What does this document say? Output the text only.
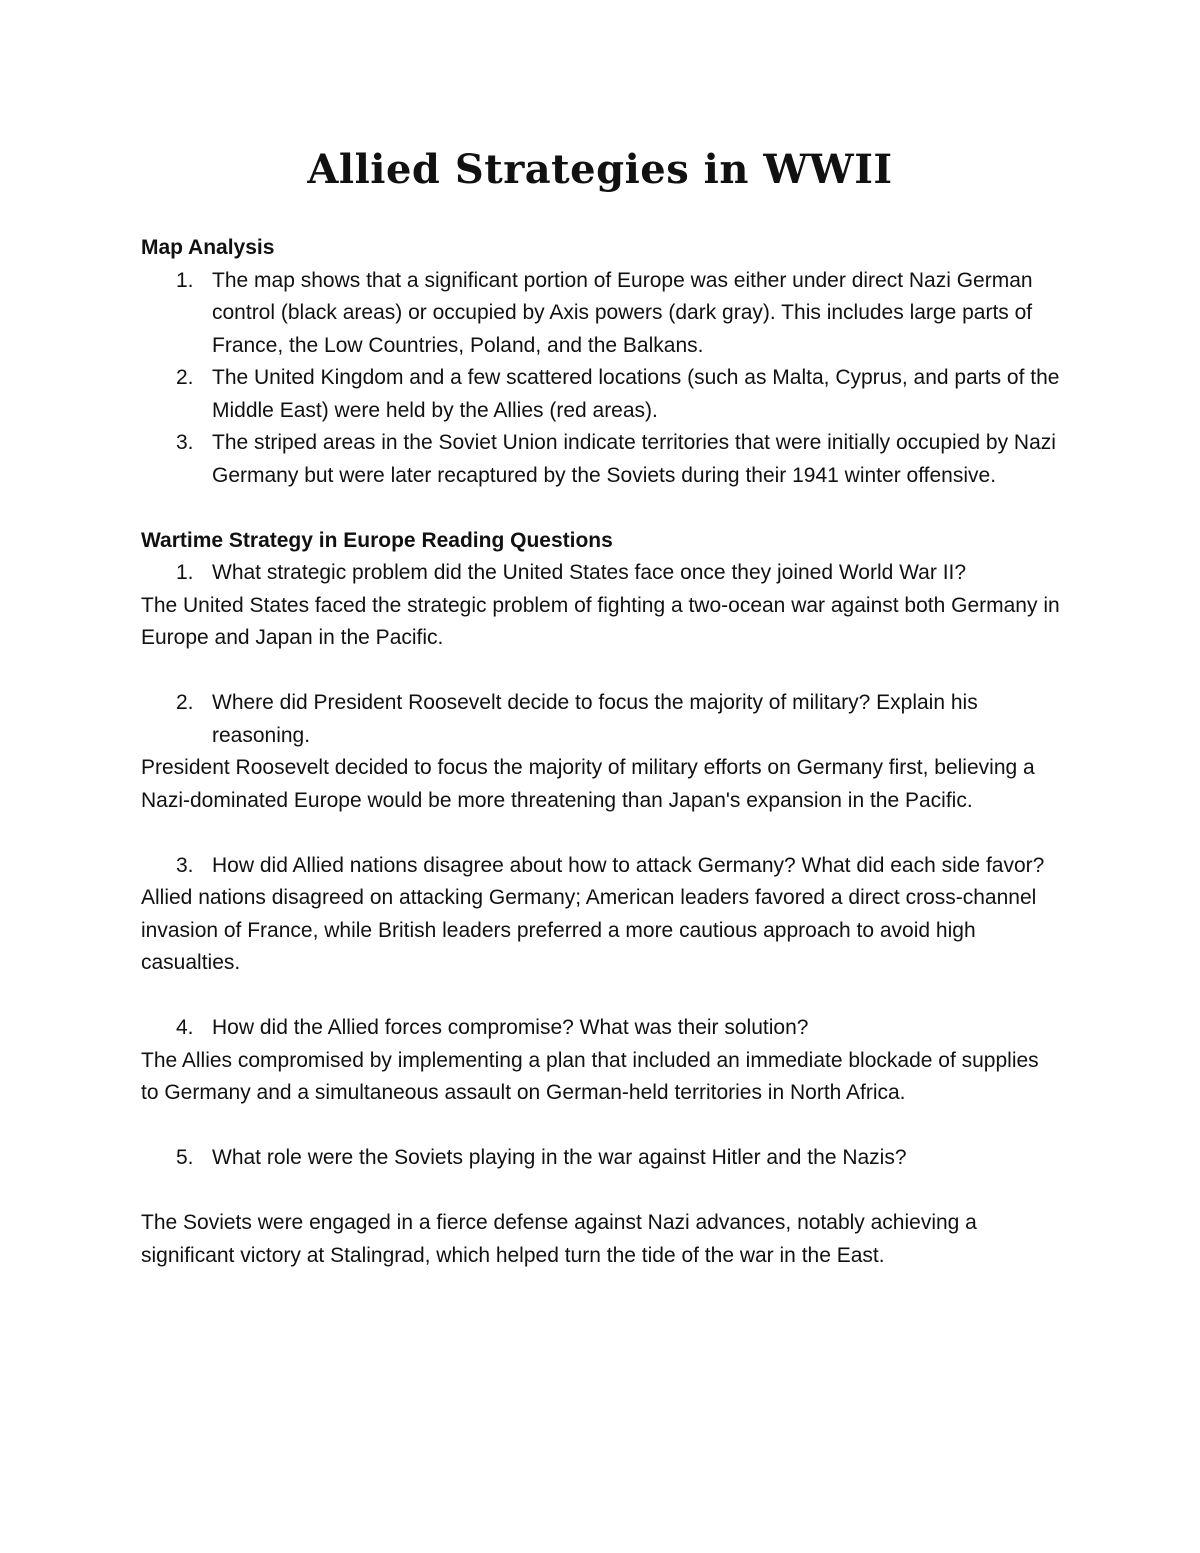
Allied Strategies in WWII

Map Analysis

1. The map shows that a significant portion of Europe was either under direct Nazi German control (black areas) or occupied by Axis powers (dark gray). This includes large parts of France, the Low Countries, Poland, and the Balkans.
2. The United Kingdom and a few scattered locations (such as Malta, Cyprus, and parts of the Middle East) were held by the Allies (red areas).
3. The striped areas in the Soviet Union indicate territories that were initially occupied by Nazi Germany but were later recaptured by the Soviets during their 1941 winter offensive.

Wartime Strategy in Europe Reading Questions

1. What strategic problem did the United States face once they joined World War II?

The United States faced the strategic problem of fighting a two-ocean war against both Germany in Europe and Japan in the Pacific.

2. Where did President Roosevelt decide to focus the majority of military? Explain his reasoning.

President Roosevelt decided to focus the majority of military efforts on Germany first, believing a Nazi-dominated Europe would be more threatening than Japan's expansion in the Pacific.

3. How did Allied nations disagree about how to attack Germany? What did each side favor?

Allied nations disagreed on attacking Germany; American leaders favored a direct cross-channel invasion of France, while British leaders preferred a more cautious approach to avoid high casualties.

4. How did the Allied forces compromise? What was their solution?

The Allies compromised by implementing a plan that included an immediate blockade of supplies to Germany and a simultaneous assault on German-held territories in North Africa.

5. What role were the Soviets playing in the war against Hitler and the Nazis?

The Soviets were engaged in a fierce defense against Nazi advances, notably achieving a significant victory at Stalingrad, which helped turn the tide of the war in the East.
